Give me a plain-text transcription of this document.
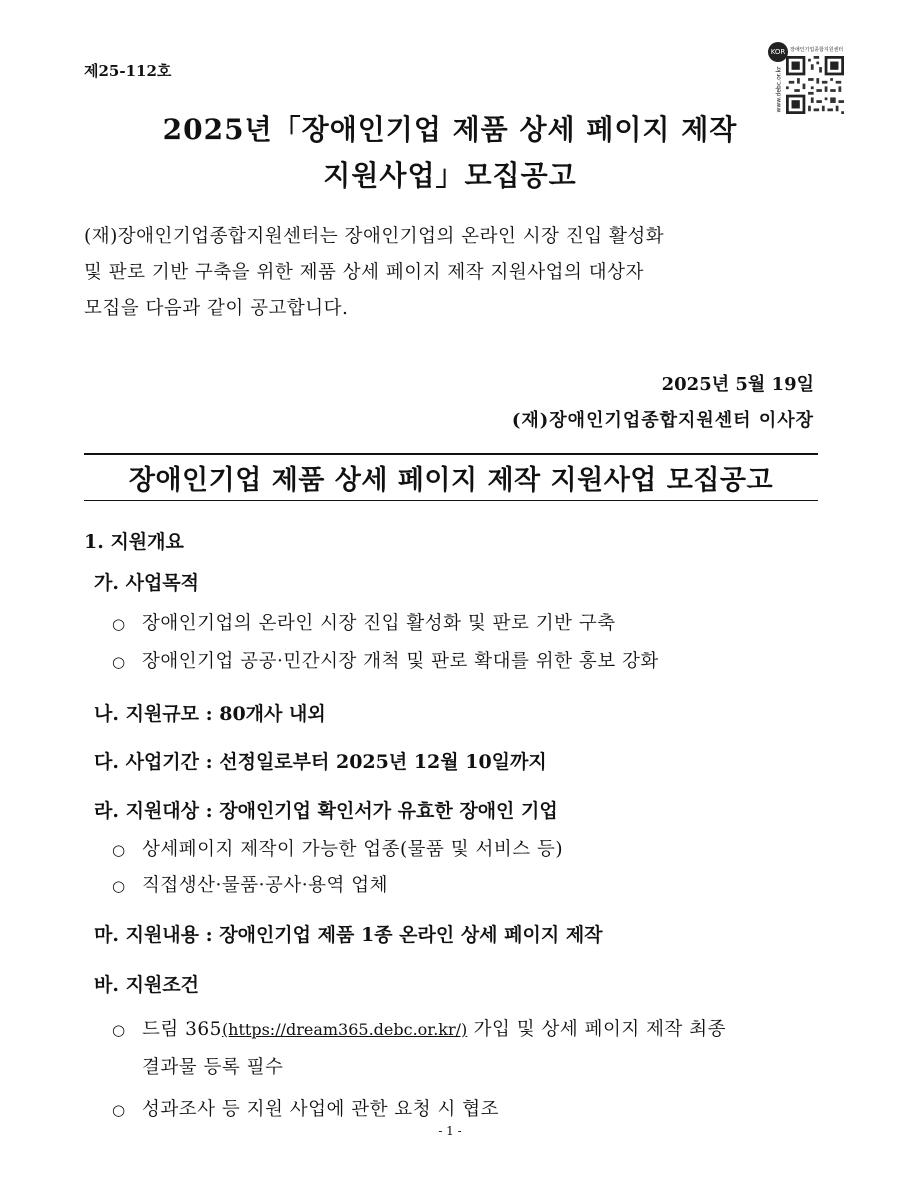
제25-112호
KOR 장애인기업종합지원센터
www.debc.or.kr
2025년「장애인기업 제품 상세 페이지 제작
지원사업」모집공고
(재)장애인기업종합지원센터는 장애인기업의 온라인 시장 진입 활성화
및 판로 기반 구축을 위한 제품 상세 페이지 제작 지원사업의 대상자
모집을 다음과 같이 공고합니다.
2025년 5월 19일
(재)장애인기업종합지원센터 이사장
장애인기업 제품 상세 페이지 제작 지원사업 모집공고
1. 지원개요
가. 사업목적
○ 장애인기업의 온라인 시장 진입 활성화 및 판로 기반 구축
○ 장애인기업 공공·민간시장 개척 및 판로 확대를 위한 홍보 강화
나. 지원규모 : 80개사 내외
다. 사업기간 : 선정일로부터 2025년 12월 10일까지
라. 지원대상 : 장애인기업 확인서가 유효한 장애인 기업
○ 상세페이지 제작이 가능한 업종(물품 및 서비스 등)
○ 직접생산·물품·공사·용역 업체
마. 지원내용 : 장애인기업 제품 1종 온라인 상세 페이지 제작
바. 지원조건
○ 드림 365(https://dream365.debc.or.kr/) 가입 및 상세 페이지 제작 최종
결과물 등록 필수
○ 성과조사 등 지원 사업에 관한 요청 시 협조
- 1 -
